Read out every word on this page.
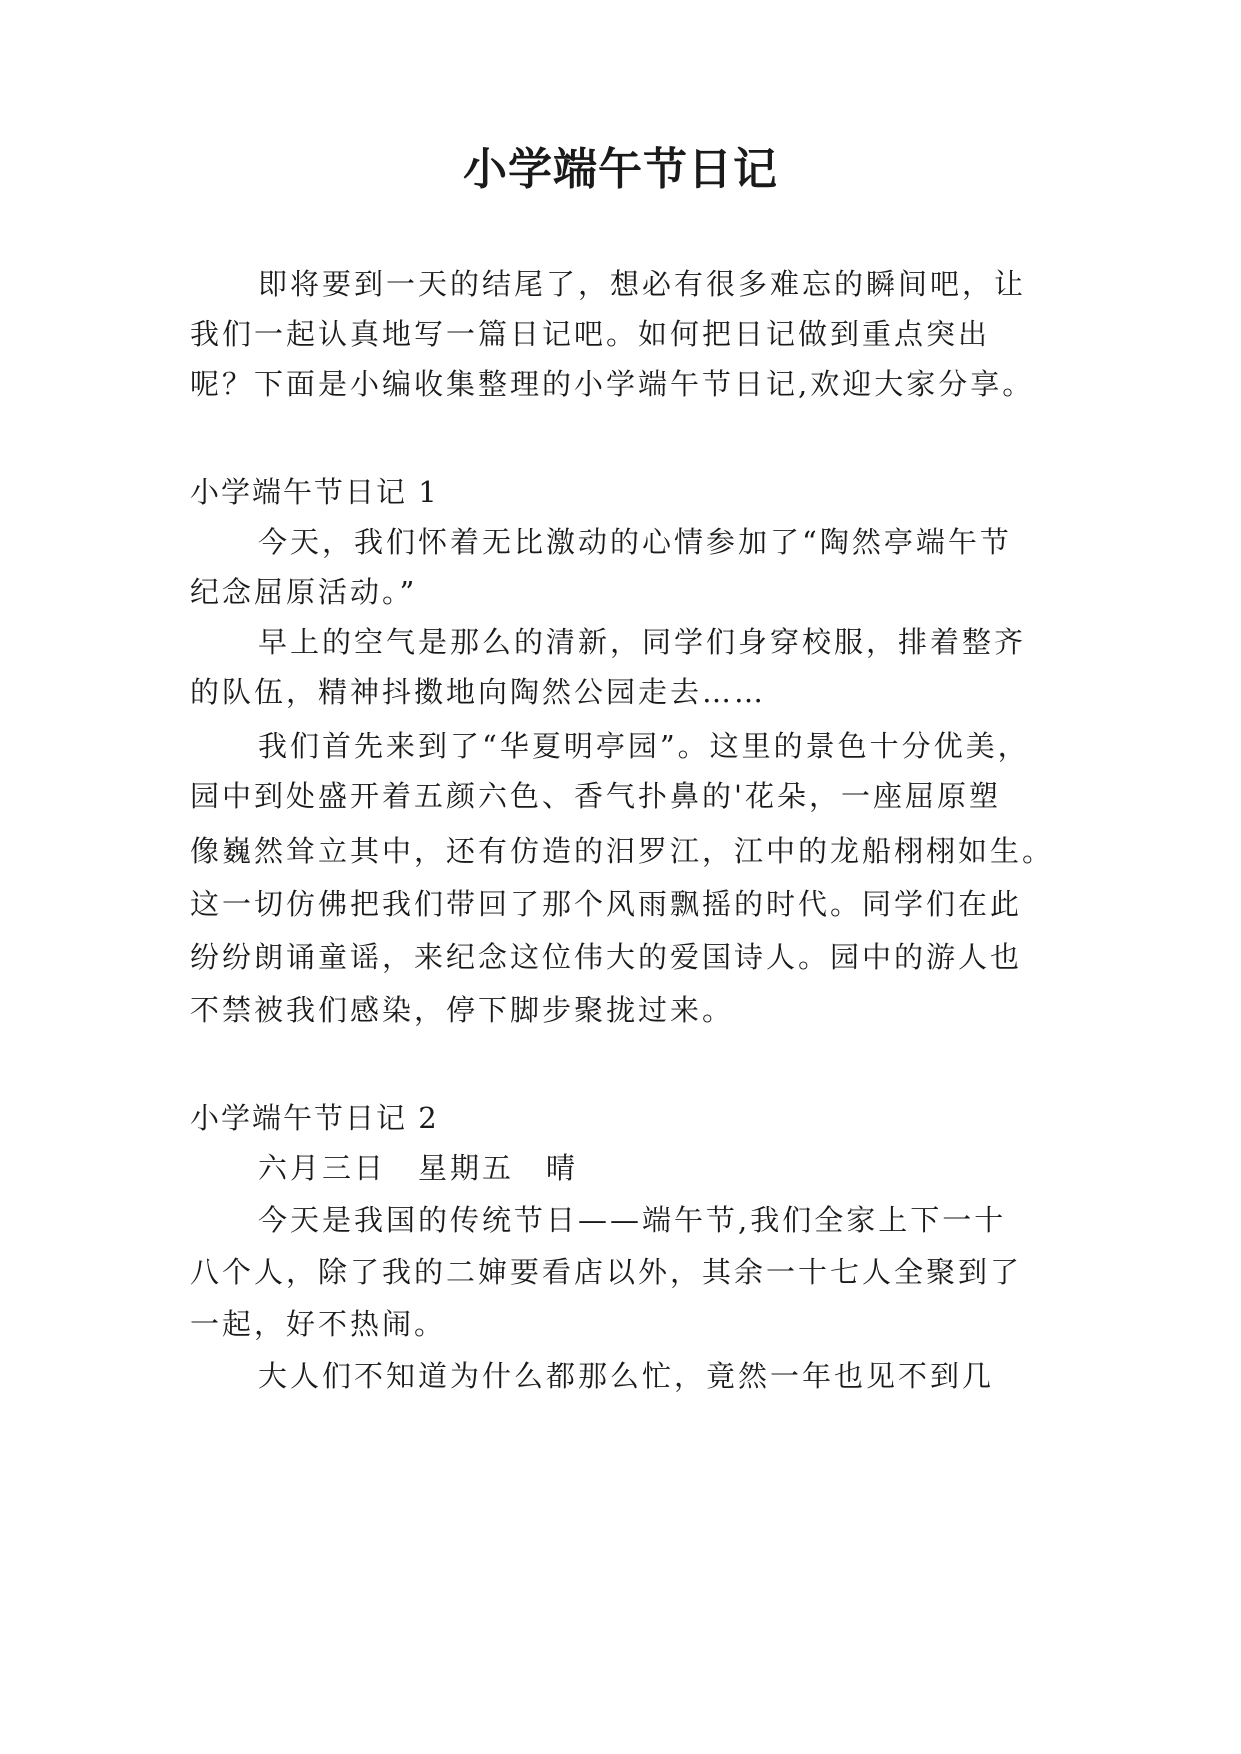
小学端午节日记
即将要到一天的结尾了，想必有很多难忘的瞬间吧，让
我们一起认真地写一篇日记吧。如何把日记做到重点突出
呢？下面是小编收集整理的小学端午节日记,欢迎大家分享。
小学端午节日记 1
今天，我们怀着无比激动的心情参加了“陶然亭端午节
纪念屈原活动。”
早上的空气是那么的清新，同学们身穿校服，排着整齐
的队伍，精神抖擞地向陶然公园走去……
我们首先来到了“华夏明亭园”。这里的景色十分优美，
园中到处盛开着五颜六色、香气扑鼻的'花朵，一座屈原塑
像巍然耸立其中，还有仿造的汨罗江，江中的龙船栩栩如生。
这一切仿佛把我们带回了那个风雨飘摇的时代。同学们在此
纷纷朗诵童谣，来纪念这位伟大的爱国诗人。园中的游人也
不禁被我们感染，停下脚步聚拢过来。
小学端午节日记 2
六月三日　星期五　晴
今天是我国的传统节日——端午节,我们全家上下一十
八个人，除了我的二婶要看店以外，其余一十七人全聚到了
一起，好不热闹。
大人们不知道为什么都那么忙，竟然一年也见不到几
